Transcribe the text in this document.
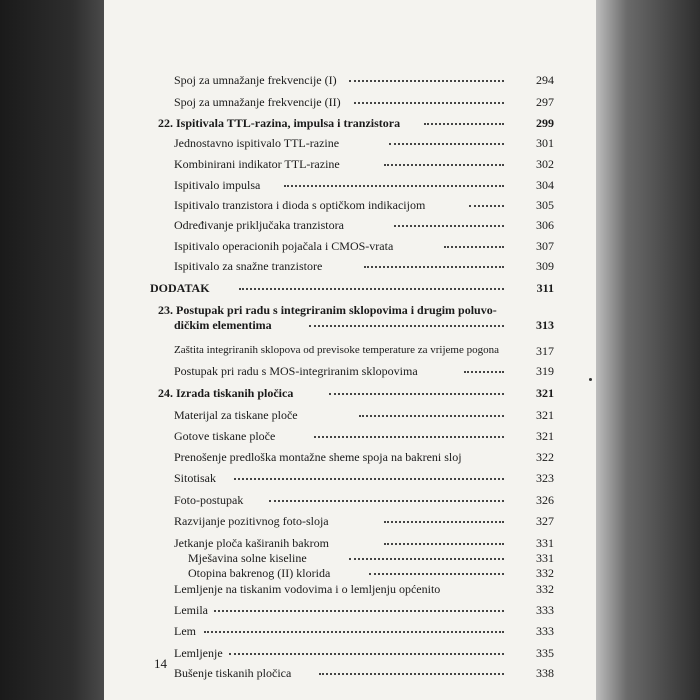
Spoj za umnažanje frekvencije (I)	294
Spoj za umnažanje frekvencije (II)	297
22. Ispitivala TTL-razina, impulsa i tranzistora	299
Jednostavno ispitivalo TTL-razine	301
Kombinirani indikator TTL-razine	302
Ispitivalo impulsa	304
Ispitivalo tranzistora i dioda s optičkom indikacijom	305
Određivanje priključaka tranzistora	306
Ispitivalo operacionih pojačala i CMOS-vrata	307
Ispitivalo za snažne tranzistore	309
DODATAK	311
23. Postupak pri radu s integriranim sklopovima i drugim poluvo-
dičkim elementima	313
Zaštita integriranih sklopova od previsoke temperature za vrijeme pogona	317
Postupak pri radu s MOS-integriranim sklopovima	319
24. Izrada tiskanih pločica	321
Materijal za tiskane ploče	321
Gotove tiskane ploče	321
Prenošenje predloška montažne sheme spoja na bakreni sloj	322
Sitotisak	323
Foto-postupak	326
Razvijanje pozitivnog foto-sloja	327
Jetkanje ploča kaširanih bakrom	331
Mješavina solne kiseline	331
Otopina bakrenog (II) klorida	332
Lemljenje na tiskanim vodovima i o lemljenju općenito	332
Lemila	333
Lem	333
Lemljenje	335
Bušenje tiskanih pločica	338
14
